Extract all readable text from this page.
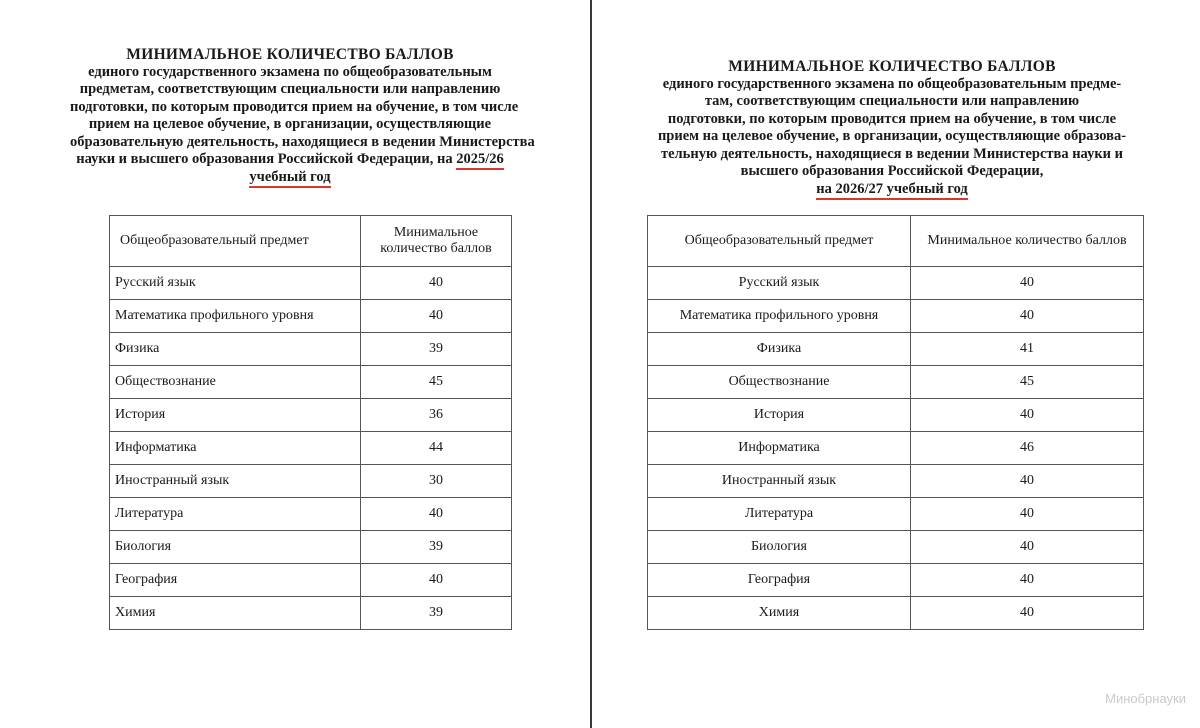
МИНИМАЛЬНОЕ КОЛИЧЕСТВО БАЛЛОВ
единого государственного экзамена по общеобразовательным
предметам, соответствующим специальности или направлению
подготовки, по которым проводится прием на обучение, в том числе
прием на целевое обучение, в организации, осуществляющие
образовательную деятельность, находящиеся в ведении Министерства
науки и высшего образования Российской Федерации, на 2025/26
учебный год
Общеобразовательный предмет	Минимальное количество баллов
Русский язык	40
Математика профильного уровня	40
Физика	39
Обществознание	45
История	36
Информатика	44
Иностранный язык	30
Литература	40
Биология	39
География	40
Химия	39
МИНИМАЛЬНОЕ КОЛИЧЕСТВО БАЛЛОВ
единого государственного экзамена по общеобразовательным предме-
там, соответствующим специальности или направлению
подготовки, по которым проводится прием на обучение, в том числе
прием на целевое обучение, в организации, осуществляющие образова-
тельную деятельность, находящиеся в ведении Министерства науки и
высшего образования Российской Федерации,
на 2026/27 учебный год
Общеобразовательный предмет	Минимальное количество баллов
Русский язык	40
Математика профильного уровня	40
Физика	41
Обществознание	45
История	40
Информатика	46
Иностранный язык	40
Литература	40
Биология	40
География	40
Химия	40
Минобрнауки
